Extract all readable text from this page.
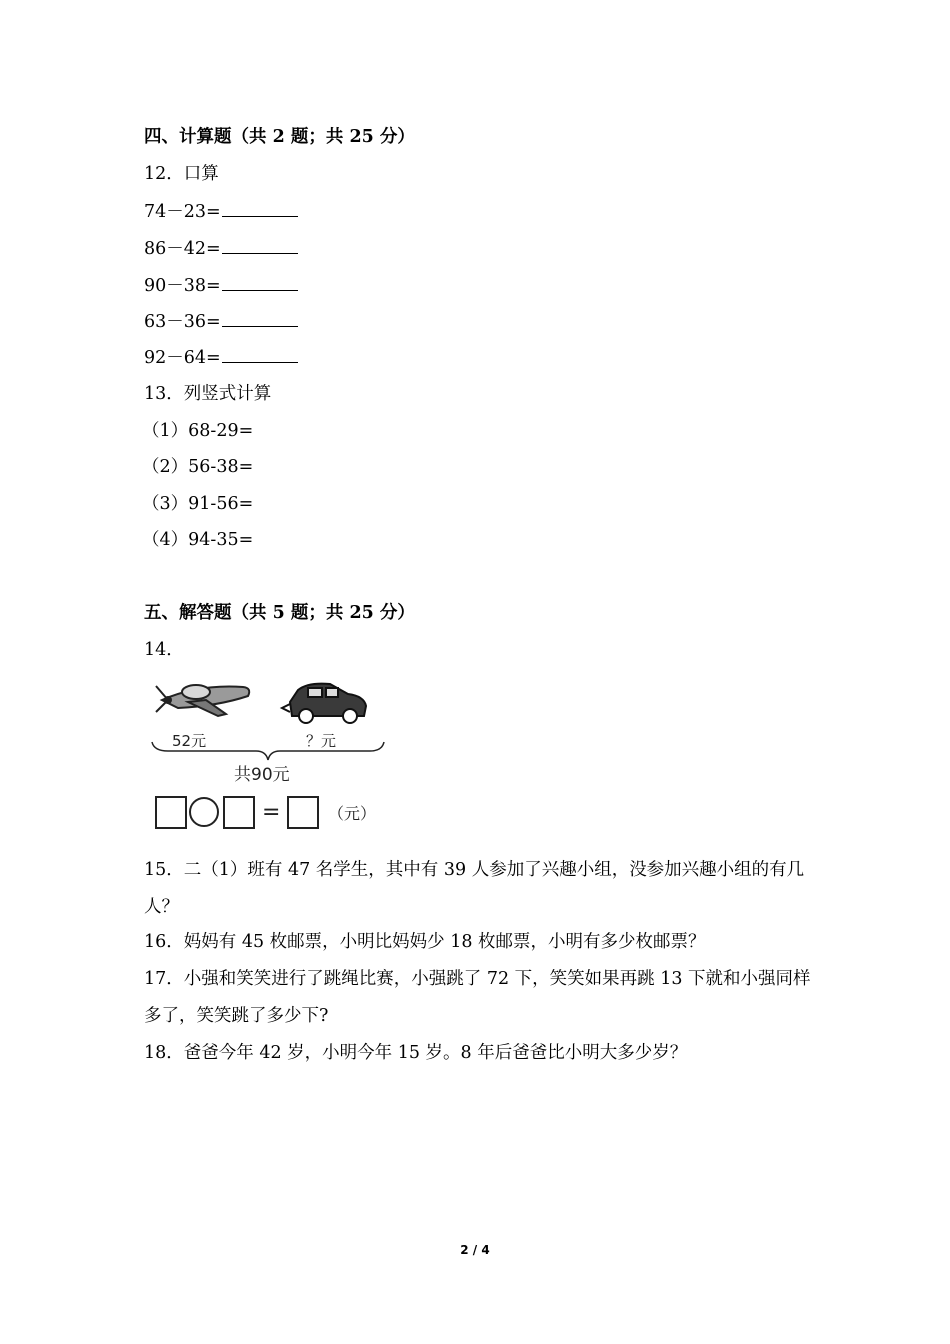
四、计算题（共 2 题；共 25 分）
12．口算
74－23=
86－42=
90－38=
63－36=
92－64=
13．列竖式计算
（1）68-29=
（2）56-38=
（3）91-56=
（4）94-35=
五、解答题（共 5 题；共 25 分）
14．
52元	？元
共90元
=	（元）
15．二（1）班有 47 名学生，其中有 39 人参加了兴趣小组，没参加兴趣小组的有几人？
16．妈妈有 45 枚邮票，小明比妈妈少 18 枚邮票，小明有多少枚邮票？
17．小强和笑笑进行了跳绳比赛，小强跳了 72 下，笑笑如果再跳 13 下就和小强同样多了，笑笑跳了多少下?
18．爸爸今年 42 岁，小明今年 15 岁。8 年后爸爸比小明大多少岁？
2 / 4
